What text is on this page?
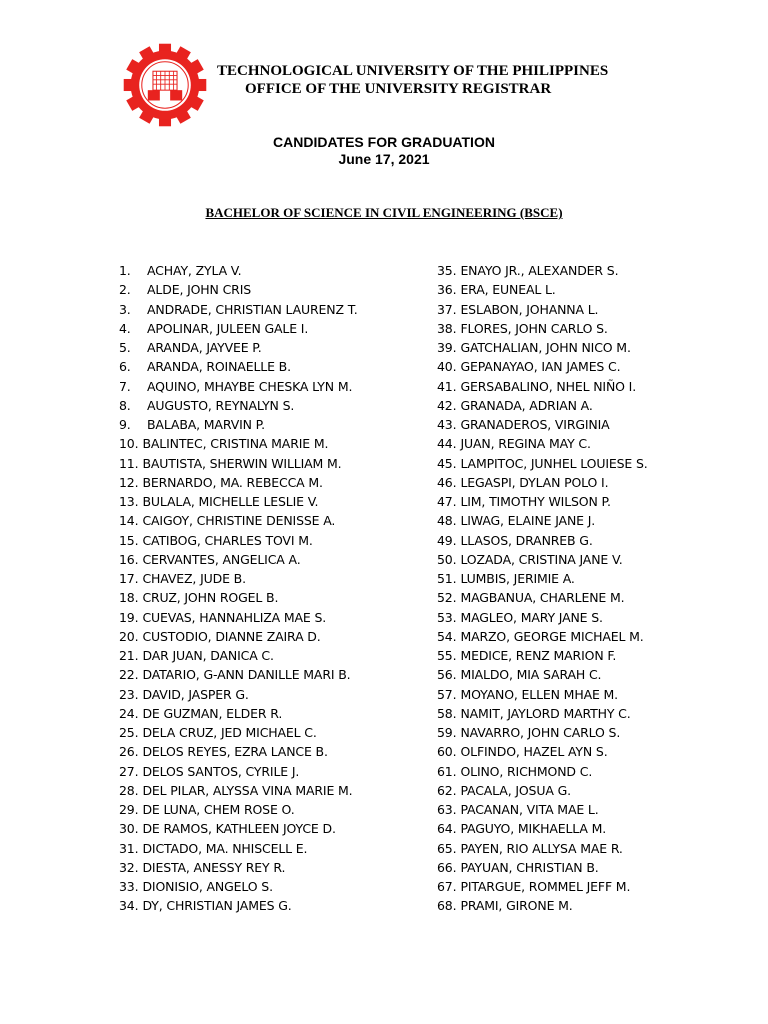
TECHNOLOGICAL UNIVERSITY OF THE PHILIPPINES
OFFICE OF THE UNIVERSITY REGISTRAR
CANDIDATES FOR GRADUATION
June 17, 2021
BACHELOR OF SCIENCE IN CIVIL ENGINEERING (BSCE)
1. ACHAY, ZYLA V.
2. ALDE, JOHN CRIS
3. ANDRADE, CHRISTIAN LAURENZ T.
4. APOLINAR, JULEEN GALE I.
5. ARANDA, JAYVEE P.
6. ARANDA, ROINAELLE B.
7. AQUINO, MHAYBE CHESKA LYN M.
8. AUGUSTO, REYNALYN S.
9. BALABA, MARVIN P.
10. BALINTEC, CRISTINA MARIE M.
11. BAUTISTA, SHERWIN WILLIAM M.
12. BERNARDO, MA. REBECCA M.
13. BULALA, MICHELLE LESLIE V.
14. CAIGOY, CHRISTINE DENISSE A.
15. CATIBOG, CHARLES TOVI M.
16. CERVANTES, ANGELICA A.
17. CHAVEZ, JUDE B.
18. CRUZ, JOHN ROGEL B.
19. CUEVAS, HANNAHLIZA MAE S.
20. CUSTODIO, DIANNE ZAIRA D.
21. DAR JUAN, DANICA C.
22. DATARIO, G-ANN DANILLE MARI B.
23. DAVID, JASPER G.
24. DE GUZMAN, ELDER R.
25. DELA CRUZ, JED MICHAEL C.
26. DELOS REYES, EZRA LANCE B.
27. DELOS SANTOS, CYRILE J.
28. DEL PILAR, ALYSSA VINA MARIE M.
29. DE LUNA, CHEM ROSE O.
30. DE RAMOS, KATHLEEN JOYCE D.
31. DICTADO, MA. NHISCELL E.
32. DIESTA, ANESSY REY R.
33. DIONISIO, ANGELO S.
34. DY, CHRISTIAN JAMES G.
35. ENAYO JR., ALEXANDER S.
36. ERA, EUNEAL L.
37. ESLABON, JOHANNA L.
38. FLORES, JOHN CARLO S.
39. GATCHALIAN, JOHN NICO M.
40. GEPANAYAO, IAN JAMES C.
41. GERSABALINO, NHEL NIÑO I.
42. GRANADA, ADRIAN A.
43. GRANADEROS, VIRGINIA
44. JUAN, REGINA MAY C.
45. LAMPITOC, JUNHEL LOUIESE S.
46. LEGASPI, DYLAN POLO I.
47. LIM, TIMOTHY WILSON P.
48. LIWAG, ELAINE JANE J.
49. LLASOS, DRANREB G.
50. LOZADA, CRISTINA JANE V.
51. LUMBIS, JERIMIE A.
52. MAGBANUA, CHARLENE M.
53. MAGLEO, MARY JANE S.
54. MARZO, GEORGE MICHAEL M.
55. MEDICE, RENZ MARION F.
56. MIALDO, MIA SARAH C.
57. MOYANO, ELLEN MHAE M.
58. NAMIT, JAYLORD MARTHY C.
59. NAVARRO, JOHN CARLO S.
60. OLFINDO, HAZEL AYN S.
61. OLINO, RICHMOND C.
62. PACALA, JOSUA G.
63. PACANAN, VITA MAE L.
64. PAGUYO, MIKHAELLA M.
65. PAYEN, RIO ALLYSA MAE R.
66. PAYUAN, CHRISTIAN B.
67. PITARGUE, ROMMEL JEFF M.
68. PRAMI, GIRONE M.
